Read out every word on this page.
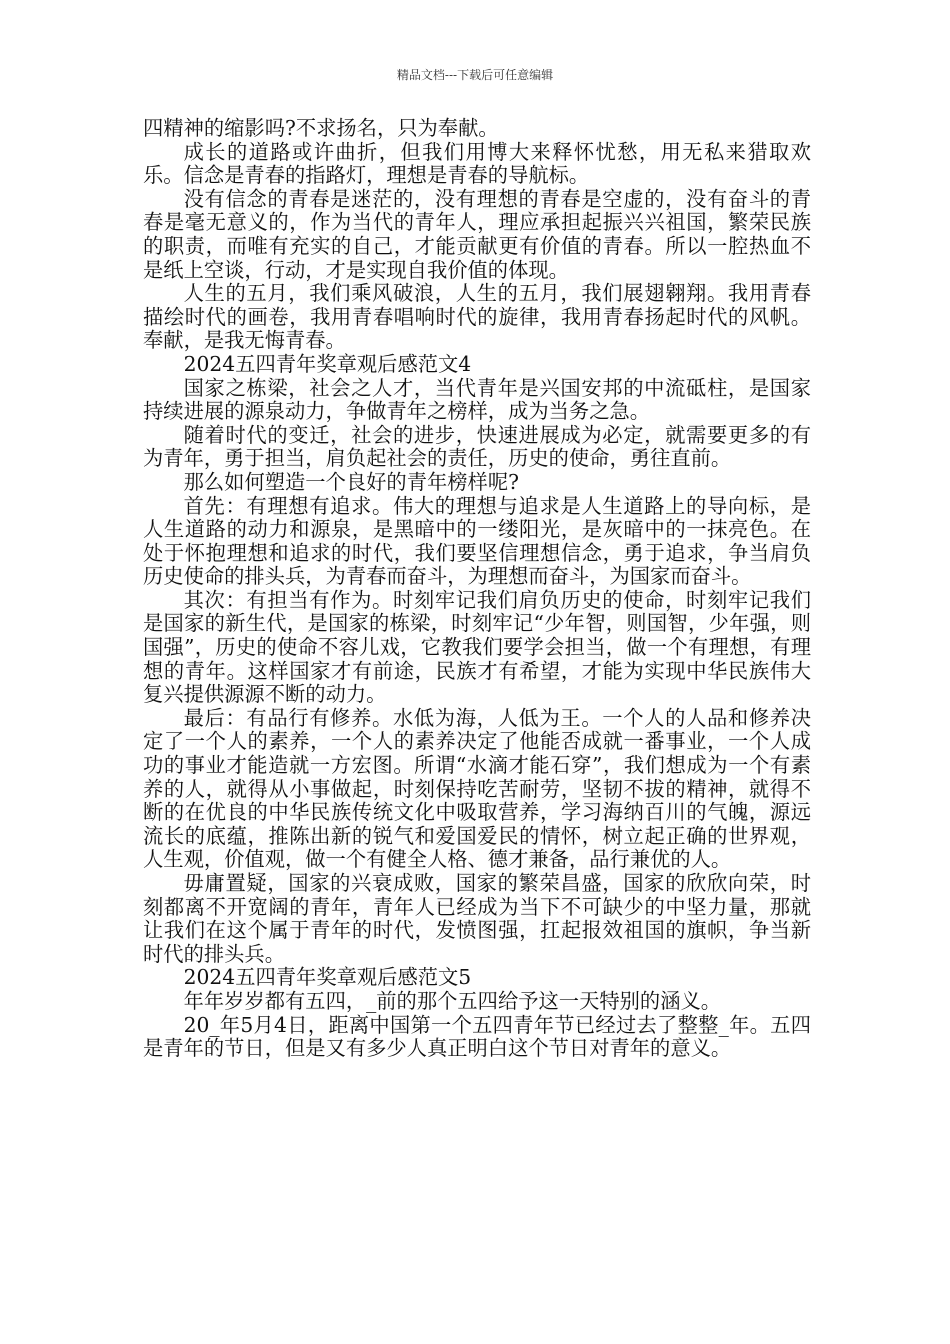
精品文档---下载后可任意编辑

四精神的缩影吗?不求扬名，只为奉献。

成长的道路或许曲折，但我们用博大来释怀忧愁，用无私来猎取欢乐。信念是青春的指路灯，理想是青春的导航标。

没有信念的青春是迷茫的，没有理想的青春是空虚的，没有奋斗的青春是毫无意义的，作为当代的青年人，理应承担起振兴兴祖国，繁荣民族的职责，而唯有充实的自己，才能贡献更有价值的青春。所以一腔热血不是纸上空谈，行动，才是实现自我价值的体现。

人生的五月，我们乘风破浪，人生的五月，我们展翅翱翔。我用青春描绘时代的画卷，我用青春唱响时代的旋律，我用青春扬起时代的风帆。奉献，是我无悔青春。

2024五四青年奖章观后感范文4

国家之栋梁，社会之人才，当代青年是兴国安邦的中流砥柱，是国家持续进展的源泉动力，争做青年之榜样，成为当务之急。

随着时代的变迁，社会的进步，快速进展成为必定，就需要更多的有为青年，勇于担当，肩负起社会的责任，历史的使命，勇往直前。

那么如何塑造一个良好的青年榜样呢?

首先：有理想有追求。伟大的理想与追求是人生道路上的导向标，是人生道路的动力和源泉，是黑暗中的一缕阳光，是灰暗中的一抹亮色。在处于怀抱理想和追求的时代，我们要坚信理想信念，勇于追求，争当肩负历史使命的排头兵，为青春而奋斗，为理想而奋斗，为国家而奋斗。

其次：有担当有作为。时刻牢记我们肩负历史的使命，时刻牢记我们是国家的新生代，是国家的栋梁，时刻牢记“少年智，则国智，少年强，则国强”，历史的使命不容儿戏，它教我们要学会担当，做一个有理想，有理想的青年。这样国家才有前途，民族才有希望，才能为实现中华民族伟大复兴提供源源不断的动力。

最后：有品行有修养。水低为海，人低为王。一个人的人品和修养决定了一个人的素养，一个人的素养决定了他能否成就一番事业，一个人成功的事业才能造就一方宏图。所谓“水滴才能石穿”，我们想成为一个有素养的人，就得从小事做起，时刻保持吃苦耐劳，坚韧不拔的精神，就得不断的在优良的中华民族传统文化中吸取营养，学习海纳百川的气魄，源远流长的底蕴，推陈出新的锐气和爱国爱民的情怀，树立起正确的世界观，人生观，价值观，做一个有健全人格、德才兼备，品行兼优的人。

毋庸置疑，国家的兴衰成败，国家的繁荣昌盛，国家的欣欣向荣，时刻都离不开宽阔的青年，青年人已经成为当下不可缺少的中坚力量，那就让我们在这个属于青年的时代，发愤图强，扛起报效祖国的旗帜，争当新时代的排头兵。

2024五四青年奖章观后感范文5

年年岁岁都有五四，_前的那个五四给予这一天特别的涵义。

20_年5月4日，距离中国第一个五四青年节已经过去了整整_年。五四是青年的节日，但是又有多少人真正明白这个节日对青年的意义。
